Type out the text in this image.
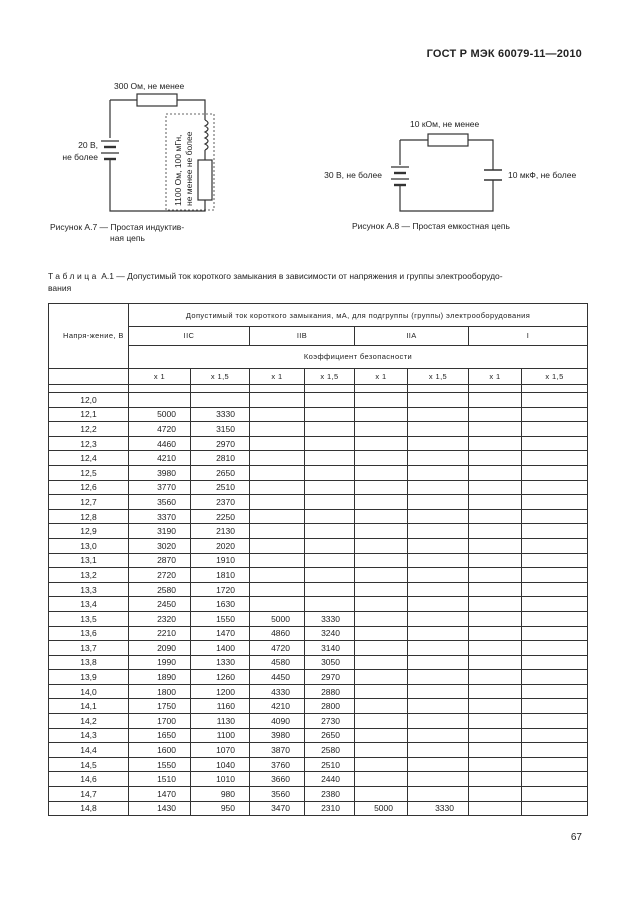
ГОСТ Р МЭК 60079-11—2010
300 Ом, не менее
20 В,
не более	1100 Ом, 100 мГн, не менее не более
Рисунок А.7 — Простая индуктив-
ная цепь
10 кОм, не менее
30 В, не более	10 мкФ, не более
Рисунок А.8 — Простая емкостная цепь
Таблица А.1 — Допустимый ток короткого замыкания в зависимости от напряжения и группы электрооборудо-
вания
Напря-жение, В	Допустимый ток короткого замыкания, мА, для подгруппы (группы) электрооборудования							
	IIC		IIB		IIA		I	
	Коэффициент безопасности							
	x 1	x 1,5	x 1	x 1,5	x 1	x 1,5	x 1	x 1,5

12,0								
12,1	5000	3330						
12,2	4720	3150						
12,3	4460	2970						
12,4	4210	2810						
12,5	3980	2650						
12,6	3770	2510						
12,7	3560	2370						
12,8	3370	2250						
12,9	3190	2130						
13,0	3020	2020						
13,1	2870	1910						
13,2	2720	1810						
13,3	2580	1720						
13,4	2450	1630						
13,5	2320	1550	5000	3330				
13,6	2210	1470	4860	3240				
13,7	2090	1400	4720	3140				
13,8	1990	1330	4580	3050				
13,9	1890	1260	4450	2970				
14,0	1800	1200	4330	2880				
14,1	1750	1160	4210	2800				
14,2	1700	1130	4090	2730				
14,3	1650	1100	3980	2650				
14,4	1600	1070	3870	2580				
14,5	1550	1040	3760	2510				
14,6	1510	1010	3660	2440				
14,7	1470	980	3560	2380				
14,8	1430	950	3470	2310	5000	3330		
67
